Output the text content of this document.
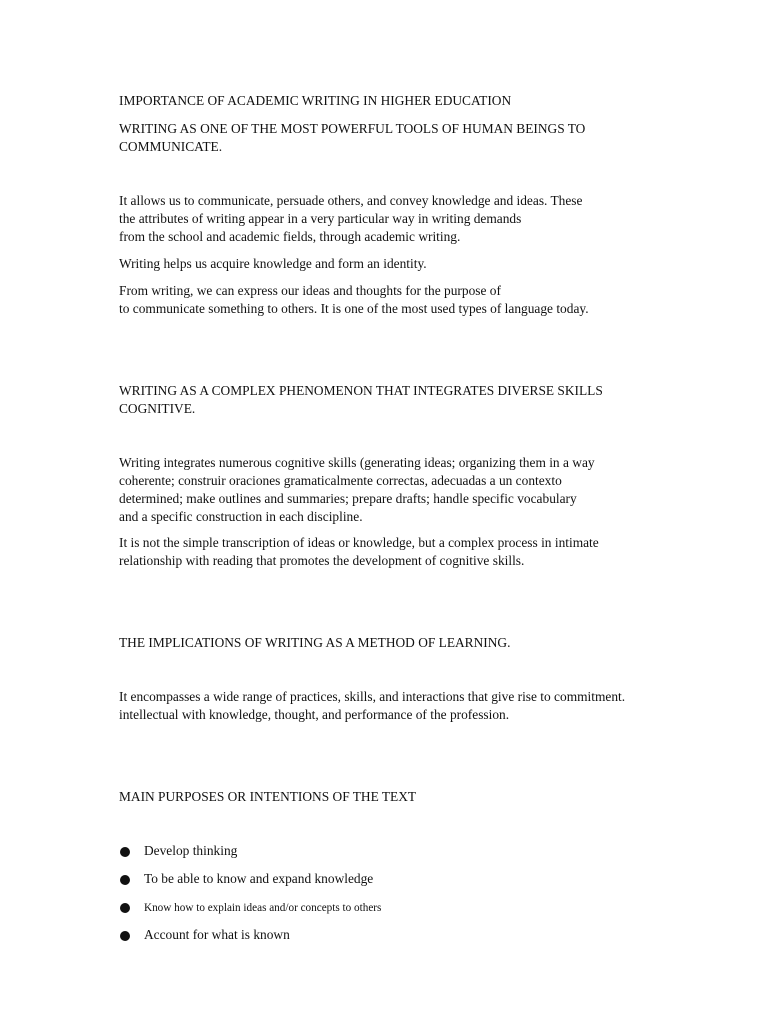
IMPORTANCE OF ACADEMIC WRITING IN HIGHER EDUCATION

WRITING AS ONE OF THE MOST POWERFUL TOOLS OF HUMAN BEINGS TO
COMMUNICATE.

It allows us to communicate, persuade others, and convey knowledge and ideas. These
the attributes of writing appear in a very particular way in writing demands
from the school and academic fields, through academic writing.

Writing helps us acquire knowledge and form an identity.

From writing, we can express our ideas and thoughts for the purpose of
to communicate something to others. It is one of the most used types of language today.

WRITING AS A COMPLEX PHENOMENON THAT INTEGRATES DIVERSE SKILLS
COGNITIVE.

Writing integrates numerous cognitive skills (generating ideas; organizing them in a way
coherente; construir oraciones gramaticalmente correctas, adecuadas a un contexto
determined; make outlines and summaries; prepare drafts; handle specific vocabulary
and a specific construction in each discipline.

It is not the simple transcription of ideas or knowledge, but a complex process in intimate
relationship with reading that promotes the development of cognitive skills.

THE IMPLICATIONS OF WRITING AS A METHOD OF LEARNING.

It encompasses a wide range of practices, skills, and interactions that give rise to commitment.
intellectual with knowledge, thought, and performance of the profession.

MAIN PURPOSES OR INTENTIONS OF THE TEXT

Develop thinking
To be able to know and expand knowledge
Know how to explain ideas and/or concepts to others
Account for what is known
